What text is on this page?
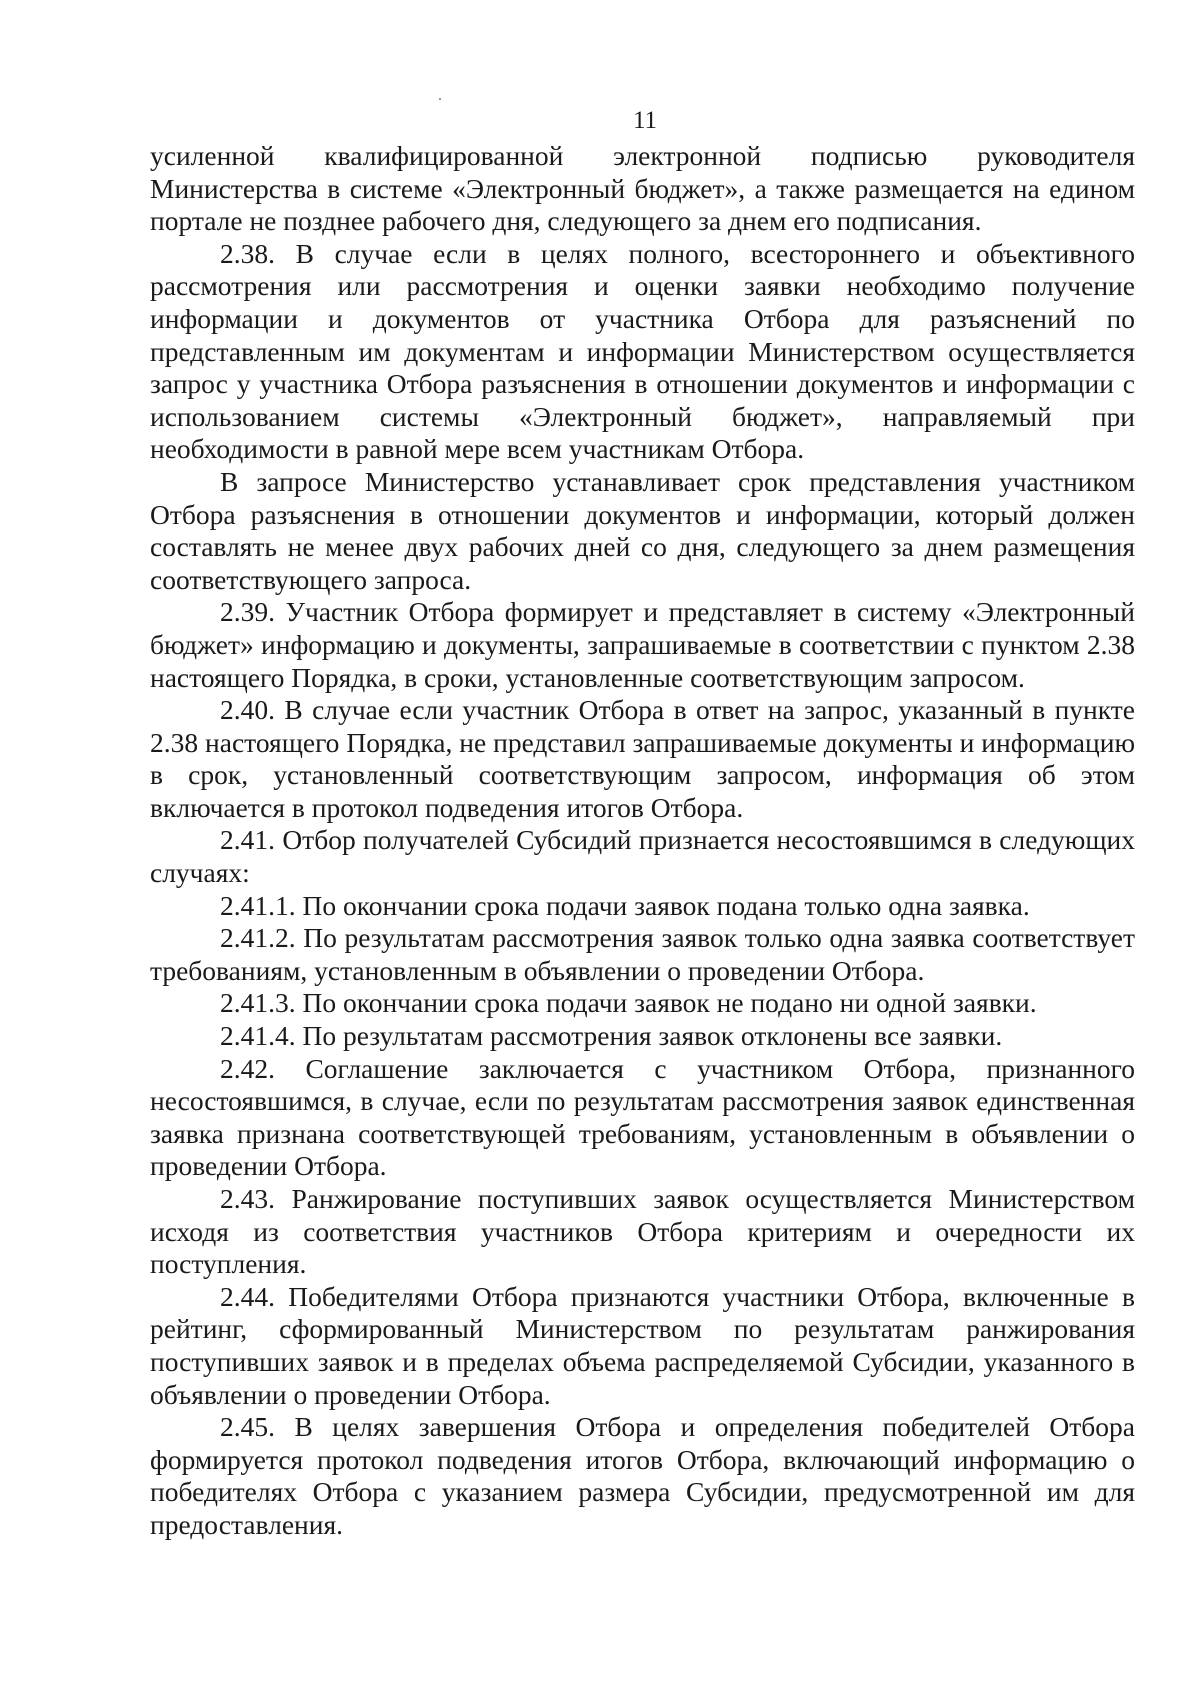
11

усиленной квалифицированной электронной подписью руководителя Министерства в системе «Электронный бюджет», а также размещается на едином портале не позднее рабочего дня, следующего за днем его подписания.

2.38. В случае если в целях полного, всестороннего и объективного рассмотрения или рассмотрения и оценки заявки необходимо получение информации и документов от участника Отбора для разъяснений по представленным им документам и информации Министерством осуществляется запрос у участника Отбора разъяснения в отношении документов и информации с использованием системы «Электронный бюджет», направляемый при необходимости в равной мере всем участникам Отбора.

В запросе Министерство устанавливает срок представления участником Отбора разъяснения в отношении документов и информации, который должен составлять не менее двух рабочих дней со дня, следующего за днем размещения соответствующего запроса.

2.39. Участник Отбора формирует и представляет в систему «Электронный бюджет» информацию и документы, запрашиваемые в соответствии с пунктом 2.38 настоящего Порядка, в сроки, установленные соответствующим запросом.

2.40. В случае если участник Отбора в ответ на запрос, указанный в пункте 2.38 настоящего Порядка, не представил запрашиваемые документы и информацию в срок, установленный соответствующим запросом, информация об этом включается в протокол подведения итогов Отбора.

2.41. Отбор получателей Субсидий признается несостоявшимся в следующих случаях:

2.41.1. По окончании срока подачи заявок подана только одна заявка.

2.41.2. По результатам рассмотрения заявок только одна заявка соответствует требованиям, установленным в объявлении о проведении Отбора.

2.41.3. По окончании срока подачи заявок не подано ни одной заявки.

2.41.4. По результатам рассмотрения заявок отклонены все заявки.

2.42. Соглашение заключается с участником Отбора, признанного несостоявшимся, в случае, если по результатам рассмотрения заявок единственная заявка признана соответствующей требованиям, установленным в объявлении о проведении Отбора.

2.43. Ранжирование поступивших заявок осуществляется Министерством исходя из соответствия участников Отбора критериям и очередности их поступления.

2.44. Победителями Отбора признаются участники Отбора, включенные в рейтинг, сформированный Министерством по результатам ранжирования поступивших заявок и в пределах объема распределяемой Субсидии, указанного в объявлении о проведении Отбора.

2.45. В целях завершения Отбора и определения победителей Отбора формируется протокол подведения итогов Отбора, включающий информацию о победителях Отбора с указанием размера Субсидии, предусмотренной им для предоставления.
